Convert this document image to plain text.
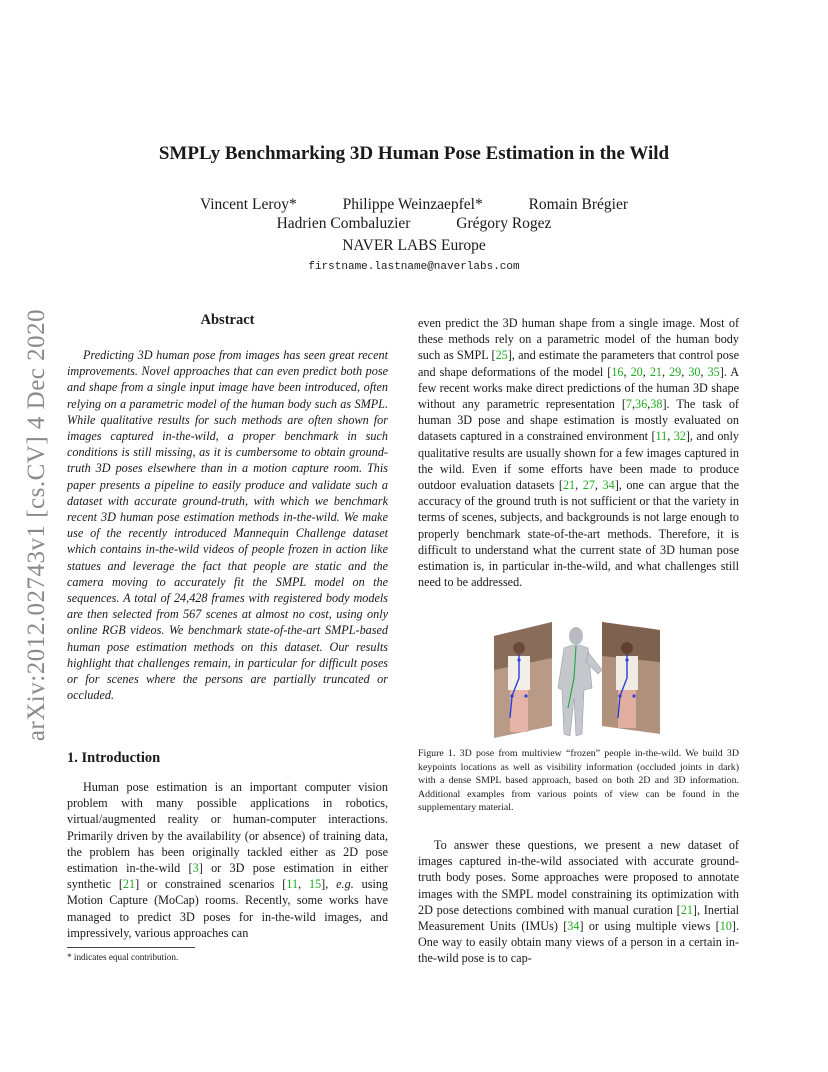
arXiv:2012.02743v1 [cs.CV] 4 Dec 2020
SMPLy Benchmarking 3D Human Pose Estimation in the Wild
Vincent Leroy*	Philippe Weinzaepfel*	Romain Brégier
Hadrien Combaluzier	Grégory Rogez
NAVER LABS Europe
firstname.lastname@naverlabs.com
Abstract

Predicting 3D human pose from images has seen great recent improvements. Novel approaches that can even predict both pose and shape from a single input image have been introduced, often relying on a parametric model of the human body such as SMPL. While qualitative results for such methods are often shown for images captured in-the-wild, a proper benchmark in such conditions is still missing, as it is cumbersome to obtain ground-truth 3D poses elsewhere than in a motion capture room. This paper presents a pipeline to easily produce and validate such a dataset with accurate ground-truth, with which we benchmark recent 3D human pose estimation methods in-the-wild. We make use of the recently introduced Mannequin Challenge dataset which contains in-the-wild videos of people frozen in action like statues and leverage the fact that people are static and the camera moving to accurately fit the SMPL model on the sequences. A total of 24,428 frames with registered body models are then selected from 567 scenes at almost no cost, using only online RGB videos. We benchmark state-of-the-art SMPL-based human pose estimation methods on this dataset. Our results highlight that challenges remain, in particular for difficult poses or for scenes where the persons are partially truncated or occluded.

1. Introduction

Human pose estimation is an important computer vision problem with many possible applications in robotics, virtual/augmented reality or human-computer interactions. Primarily driven by the availability (or absence) of training data, the problem has been originally tackled either as 2D pose estimation in-the-wild [3] or 3D pose estimation in either synthetic [21] or constrained scenarios [11, 15], e.g. using Motion Capture (MoCap) rooms. Recently, some works have managed to predict 3D poses for in-the-wild images, and impressively, various approaches can

even predict the 3D human shape from a single image. Most of these methods rely on a parametric model of the human body such as SMPL [25], and estimate the parameters that control pose and shape deformations of the model [16, 20, 21, 29, 30, 35]. A few recent works make direct predictions of the human 3D shape without any parametric representation [7,36,38]. The task of human 3D pose and shape estimation is mostly evaluated on datasets captured in a constrained environment [11, 32], and only qualitative results are usually shown for a few images captured in the wild. Even if some efforts have been made to produce outdoor evaluation datasets [21, 27, 34], one can argue that the accuracy of the ground truth is not sufficient or that the variety in terms of scenes, subjects, and backgrounds is not large enough to properly benchmark state-of-the-art methods. Therefore, it is difficult to understand what the current state of 3D human pose estimation is, in particular in-the-wild, and what challenges still need to be addressed.

Figure 1. 3D pose from multiview “frozen” people in-the-wild. We build 3D keypoints locations as well as visibility information (occluded joints in dark) with a dense SMPL based approach, based on both 2D and 3D information. Additional examples from various points of view can be found in the supplementary material.

To answer these questions, we present a new dataset of images captured in-the-wild associated with accurate ground-truth body poses. Some approaches were proposed to annotate images with the SMPL model constraining its optimization with 2D pose detections combined with manual curation [21], Inertial Measurement Units (IMUs) [34] or using multiple views [10]. One way to easily obtain many views of a person in a certain in-the-wild pose is to cap-

* indicates equal contribution.
